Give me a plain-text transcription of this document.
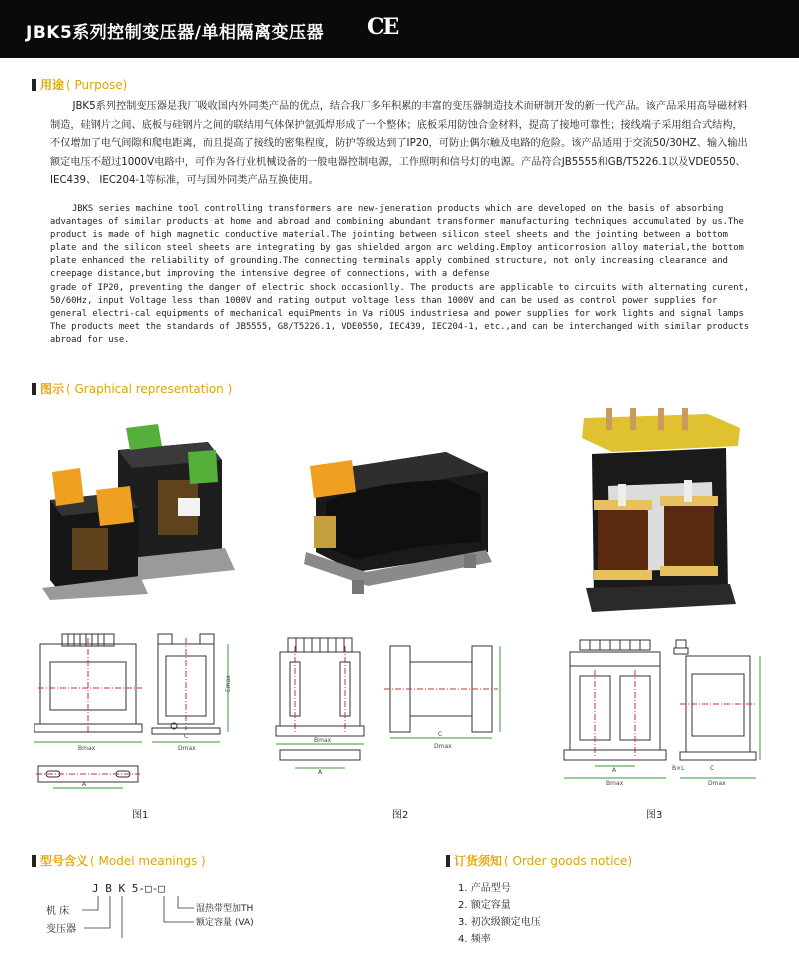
JBK5系列控制变压器/单相隔离变压器 CE
用途 ( Purpose)
JBK5系列控制变压器是我厂吸收国内外同类产品的优点，结合我厂多年积累的丰富的变压器制造技术而研制开发的新一代产品。该产品采用高导磁材料制造，硅钢片之间、底板与硅钢片之间的联结用气体保护氩弧焊形成了一个整体；底板采用防蚀合金材料，提高了接地可靠性；接线端子采用组合式结构，不仅增加了电气间隙和爬电距离，而且提高了接线的密集程度，防护等级达到了IP20，可防止偶尔触及电路的危险。该产品适用于交流50/30HZ、输入输出额定电压不超过1000V电路中，可作为各行业机械设备的一般电器控制电源，工作照明和信号灯的电源。产品符合JB5555和GB/T5226.1以及VDE0550、 IEC439、 IEC204-1等标准，可与国外同类产品互换使用。
JBKS series machine tool controlling transformers are new-jeneration products which are developed on the basis of absorbing
advantages of similar products at home and abroad and combining abundant transformer manufacturing techniques accumulated by us.The
product is made of high magnetic conductive material.The jointing between silicon steel sheets and the jointing between a bottom
plate and the silicon steel sheets are integrating by gas shielded argon arc welding.Employ anticorrosion alloy material,the bottom
plate enhanced the reliability of grounding.The connecting terminals apply combined structure, not only increasing clearance and
creepage distance,but improving the intensive degree of connections, with a defense
grade of IP20, preventing the danger of electric shock occasionlly. The products are applicable to circuits with alternating curent,
50/60Hz, input Voltage less than 1000V and rating output voltage less than 1000V and can be used as control power supplies for
general electri-cal equipments of mechanical equiPments in Va riOUS industriesa and power supplies for work lights and signal lamps
The products meet the standards of JB5555, G8/T5226.1, VDE0550, IEC439, IEC204-1, etc.,and can be interchanged with similar products
abroad for use.
图示 ( Graphical representation )
Bmax
Emax
Dmax
C
A
Bmax
A
C
Dmax
A
Bmax
B×L	C
Dmax
图1	图2	图3
型号含义 ( Model meanings )
J B K 5-□-□
机 床
变压器
湿热带型加TH
额定容量 (VA)
订货须知 ( Order goods notice)
1. 产品型号
2. 额定容量
3. 初次级额定电压
4. 频率
